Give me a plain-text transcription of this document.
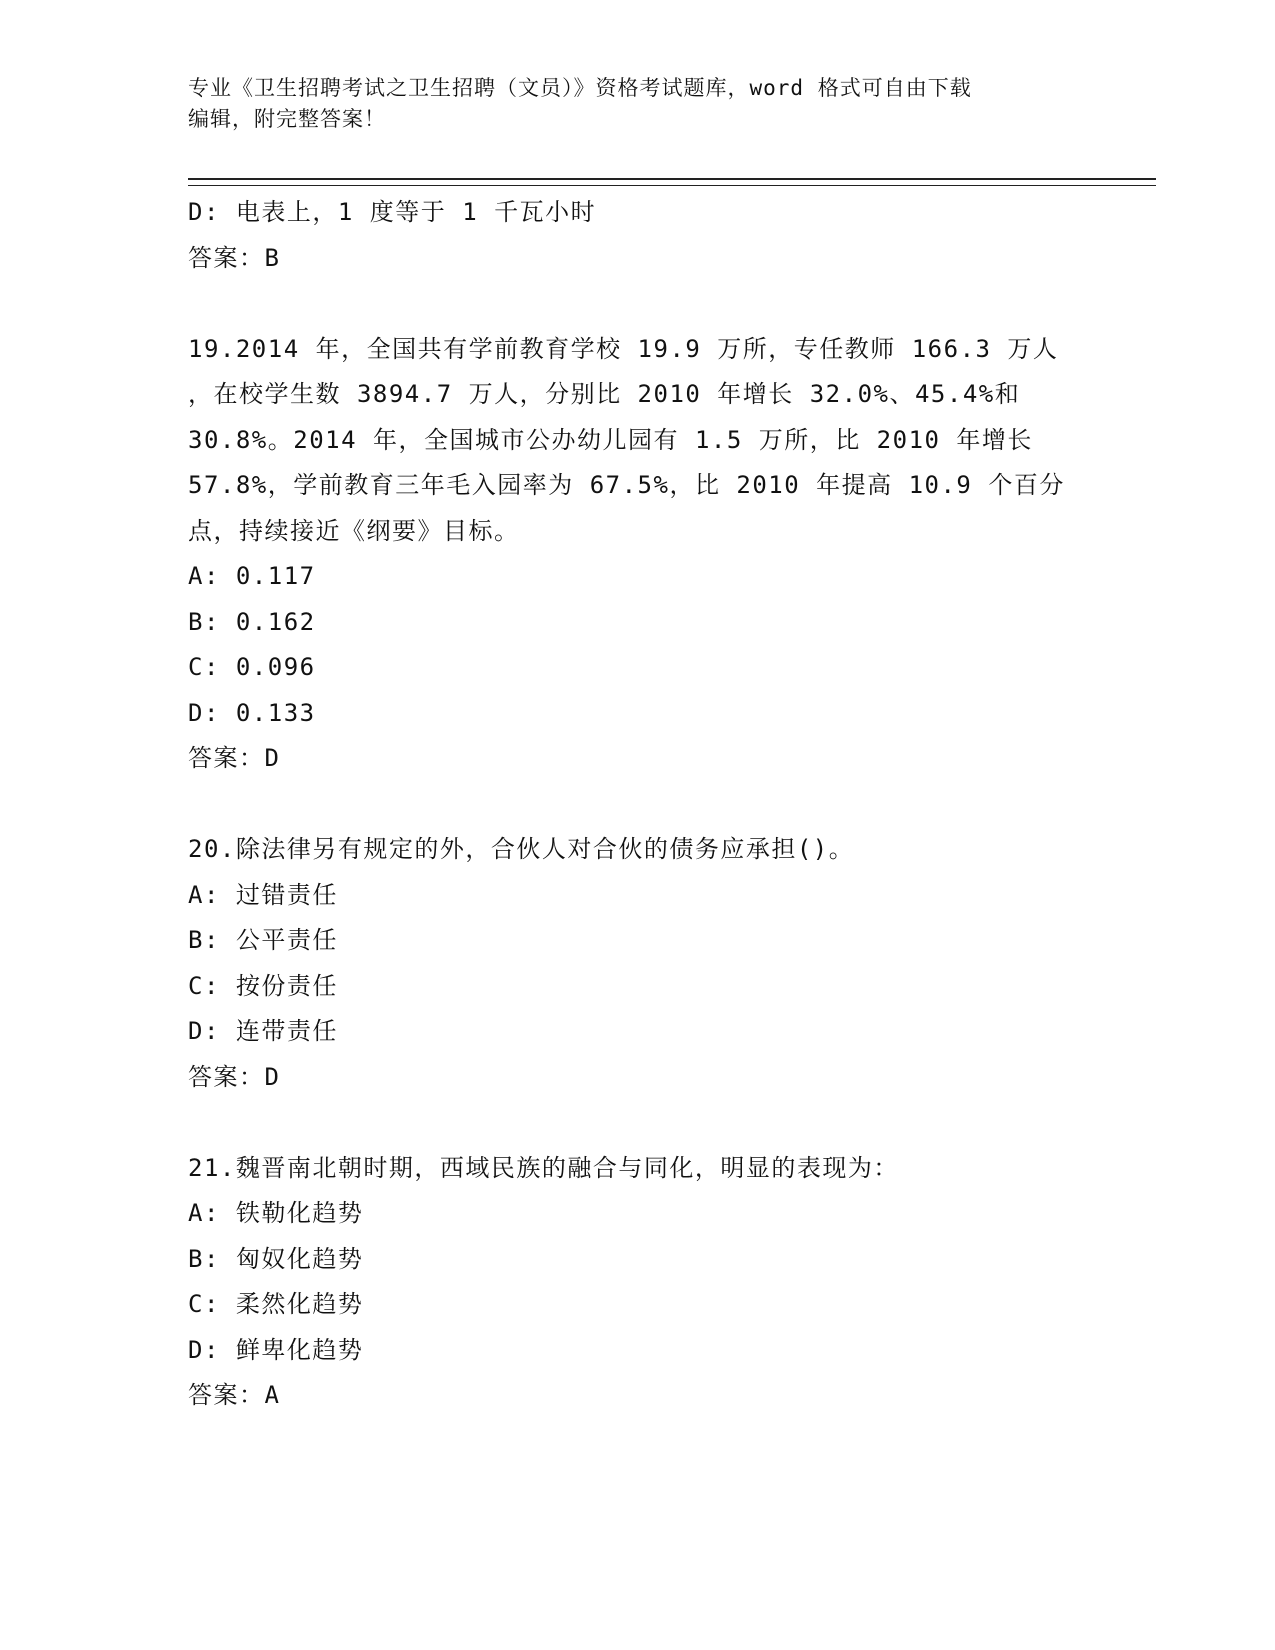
专业《卫生招聘考试之卫生招聘（文员）》资格考试题库，word 格式可自由下载
编辑，附完整答案！
D: 电表上，1 度等于 1 千瓦小时
答案：B
19.2014 年，全国共有学前教育学校 19.9 万所，专任教师 166.3 万人
，在校学生数 3894.7 万人，分别比 2010 年增长 32.0%、45.4%和
30.8%。2014 年，全国城市公办幼儿园有 1.5 万所，比 2010 年增长
57.8%，学前教育三年毛入园率为 67.5%，比 2010 年提高 10.9 个百分
点，持续接近《纲要》目标。
A: 0.117
B: 0.162
C: 0.096
D: 0.133
答案：D
20.除法律另有规定的外，合伙人对合伙的债务应承担()。
A: 过错责任
B: 公平责任
C: 按份责任
D: 连带责任
答案：D
21.魏晋南北朝时期，西域民族的融合与同化，明显的表现为：
A: 铁勒化趋势
B: 匈奴化趋势
C: 柔然化趋势
D: 鲜卑化趋势
答案：A
